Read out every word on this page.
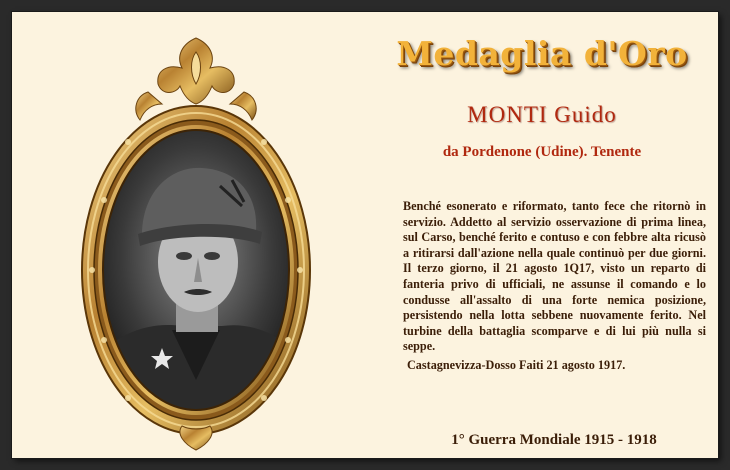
Medaglia d'Oro
MONTI Guido
da Pordenone (Udine). Tenente

Benché esonerato e riformato, tanto fece che ritornò in servizio. Addetto al servizio osservazione di prima linea, sul Carso, benché ferito e contuso e con febbre alta ricusò a ritirarsi dall'azione nella quale continuò per due giorni. Il terzo giorno, il 21 agosto 1Q17, visto un reparto di fanteria privo di ufficiali, ne assunse il comando e lo condusse all'assalto di una forte nemica posizione, persistendo nella lotta sebbene nuovamente ferito. Nel turbine della battaglia scomparve e di lui più nulla si seppe.

Castagnevizza-Dosso Faiti 21 agosto 1917.
1° Guerra Mondiale 1915 - 1918
